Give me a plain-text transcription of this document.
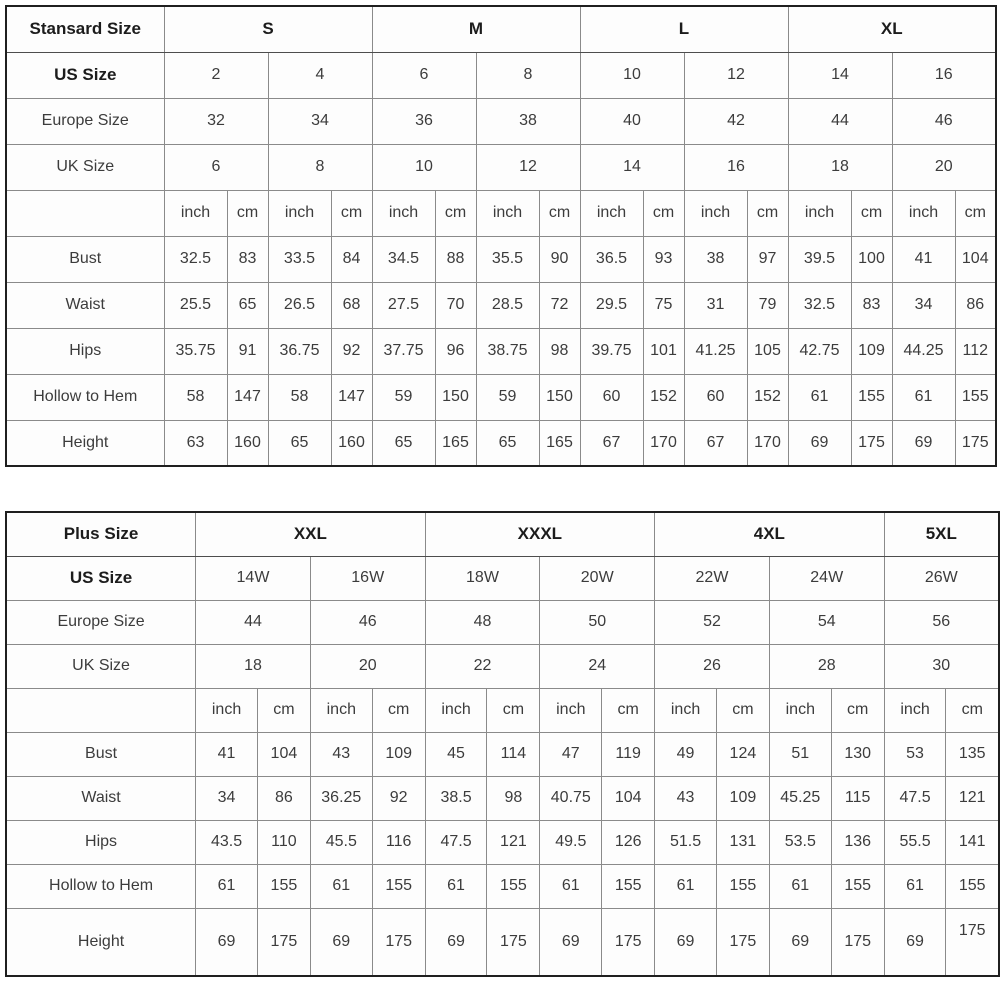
Stansard Size	S				M				L				XL			
US Size	2		4		6		8		10		12		14		16	
Europe Size	32		34		36		38		40		42		44		46	
UK Size	6		8		10		12		14		16		18		20	
	inch	cm	inch	cm	inch	cm	inch	cm	inch	cm	inch	cm	inch	cm	inch	cm
Bust	32.5	83	33.5	84	34.5	88	35.5	90	36.5	93	38	97	39.5	100	41	104
Waist	25.5	65	26.5	68	27.5	70	28.5	72	29.5	75	31	79	32.5	83	34	86
Hips	35.75	91	36.75	92	37.75	96	38.75	98	39.75	101	41.25	105	42.75	109	44.25	112
Hollow to Hem	58	147	58	147	59	150	59	150	60	152	60	152	61	155	61	155
Height	63	160	65	160	65	165	65	165	67	170	67	170	69	175	69	175
Plus Size	XXL				XXXL				4XL				5XL	
US Size	14W		16W		18W		20W		22W		24W		26W	
Europe Size	44		46		48		50		52		54		56	
UK Size	18		20		22		24		26		28		30	
	inch	cm	inch	cm	inch	cm	inch	cm	inch	cm	inch	cm	inch	cm
Bust	41	104	43	109	45	114	47	119	49	124	51	130	53	135
Waist	34	86	36.25	92	38.5	98	40.75	104	43	109	45.25	115	47.5	121
Hips	43.5	110	45.5	116	47.5	121	49.5	126	51.5	131	53.5	136	55.5	141
Hollow to Hem	61	155	61	155	61	155	61	155	61	155	61	155	61	155
Height	69	175	69	175	69	175	69	175	69	175	69	175	69	175
